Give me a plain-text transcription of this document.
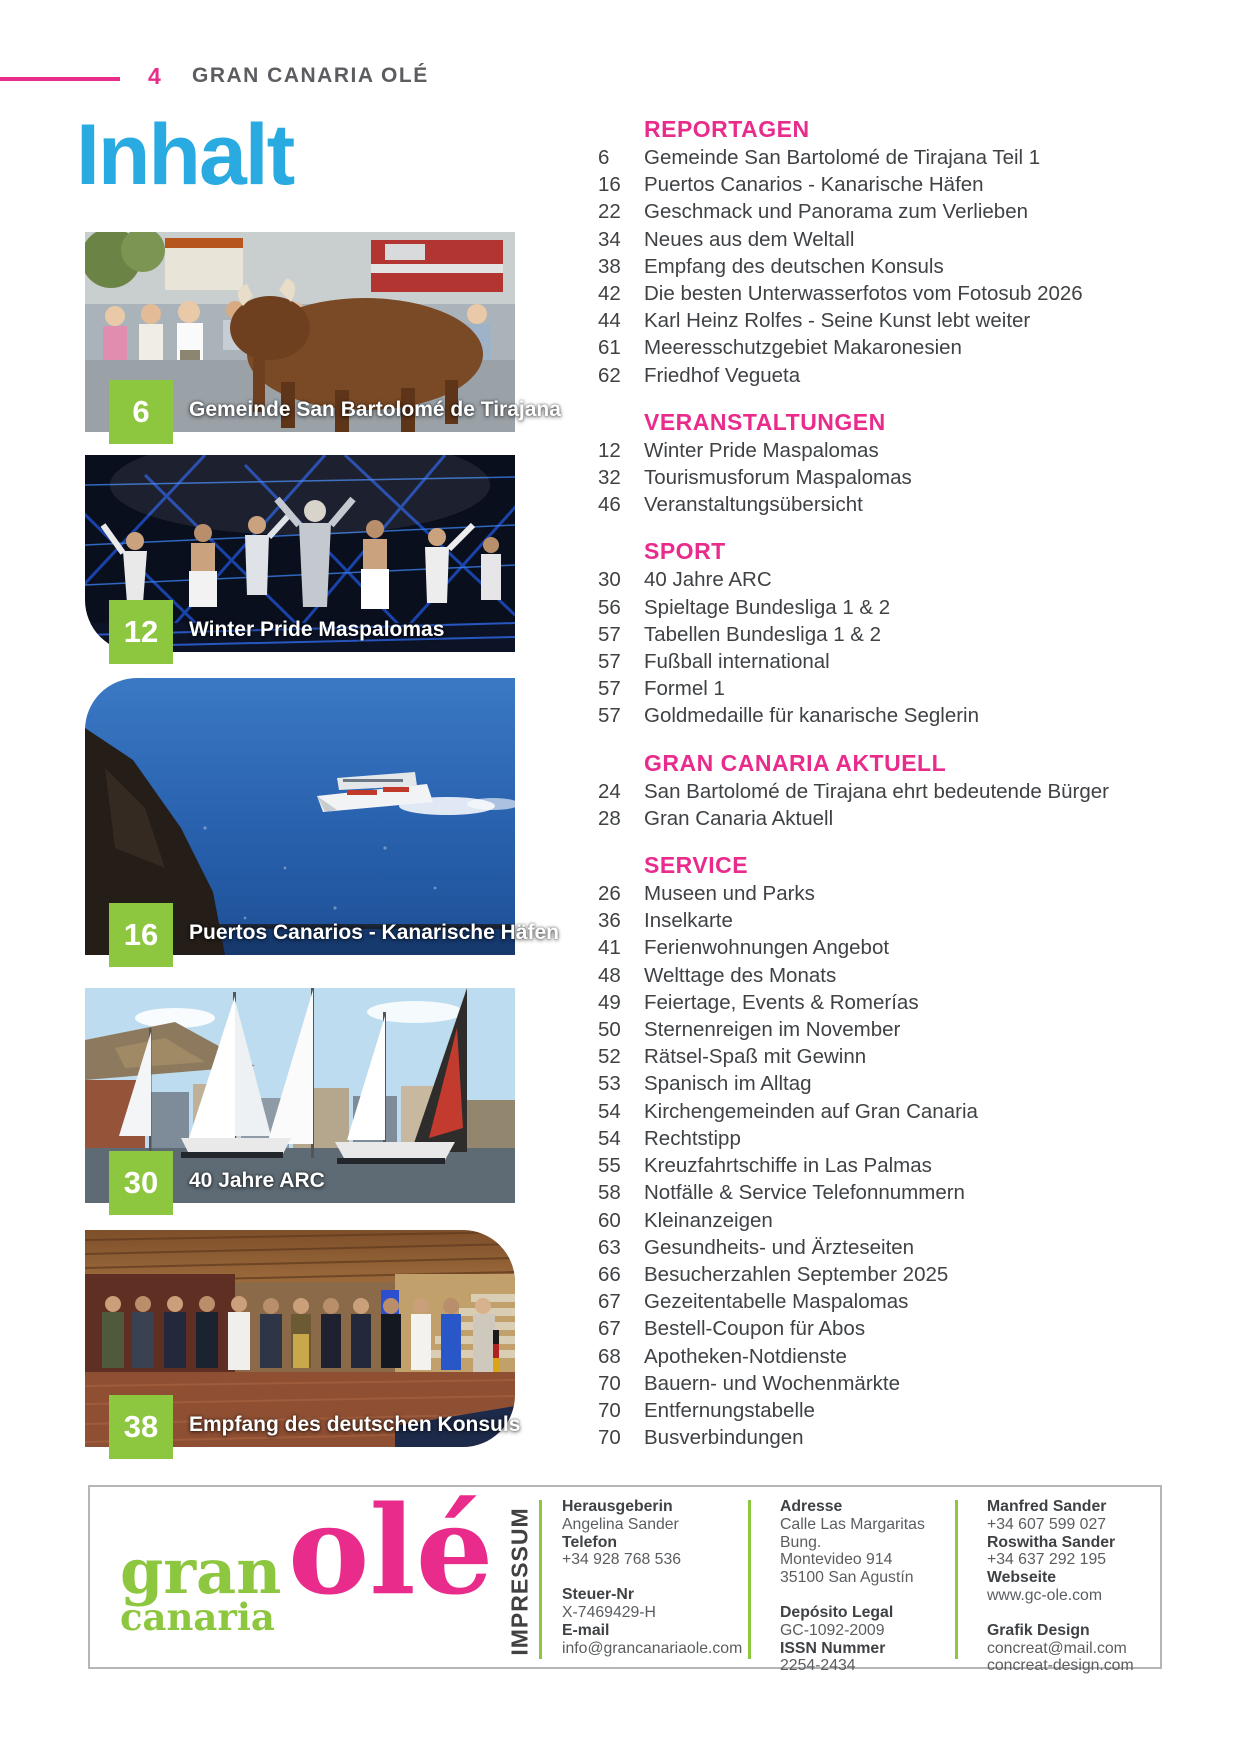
4 GRAN CANARIA OLÉ
Inhalt	REPORTAGEN
6	Gemeinde San Bartolomé de Tirajana Teil 1
16	Puertos Canarios - Kanarische Häfen
22	Geschmack und Panorama zum Verlieben
34	Neues aus dem Weltall
38	Empfang des deutschen Konsuls
42	Die besten Unterwasserfotos vom Fotosub 2026
44	Karl Heinz Rolfes - Seine Kunst lebt weiter
61	Meeresschutzgebiet Makaronesien
62	Friedhof Vegueta
VERANSTALTUNGEN
12	Winter Pride Maspalomas
32	Tourismusforum Maspalomas
46	Veranstaltungsübersicht
SPORT
30	40 Jahre ARC
56	Spieltage Bundesliga 1 & 2
57	Tabellen Bundesliga 1 & 2
57	Fußball international
57	Formel 1
57	Goldmedaille für kanarische Seglerin
GRAN CANARIA AKTUELL
24	San Bartolomé de Tirajana ehrt bedeutende Bürger
28	Gran Canaria Aktuell
SERVICE
26	Museen und Parks
36	Inselkarte
41	Ferienwohnungen Angebot
48	Welttage des Monats
49	Feiertage, Events & Romerías
50	Sternenreigen im November
52	Rätsel-Spaß mit Gewinn
53	Spanisch im Alltag
54	Kirchengemeinden auf Gran Canaria
54	Rechtstipp
55	Kreuzfahrtschiffe in Las Palmas
58	Notfälle & Service Telefonnummern
60	Kleinanzeigen
63	Gesundheits- und Ärzteseiten
66	Besucherzahlen September 2025
67	Gezeitentabelle Maspalomas
67	Bestell-Coupon für Abos
68	Apotheken-Notdienste
70	Bauern- und Wochenmärkte
70	Entfernungstabelle
70	Busverbindungen
6	Gemeinde San Bartolomé de Tirajana
12	Winter Pride Maspalomas
16	Puertos Canarios - Kanarische Häfen
30	40 Jahre ARC
38	Empfang des deutschen Konsuls
gran
canaria olé IMPRESSUM
Herausgeberin
Angelina Sander
Telefon
+34 928 768 536
Steuer-Nr
X-7469429-H
E-mail
info@grancanariaole.com
Adresse
Calle Las Margaritas Bung.
Montevideo 914
35100 San Agustín
Depósito Legal
GC-1092-2009
ISSN Nummer
2254-2434
Manfred Sander
+34 607 599 027
Roswitha Sander
+34 637 292 195
Webseite
www.gc-ole.com
Grafik Design
concreat@mail.com
concreat-design.com
